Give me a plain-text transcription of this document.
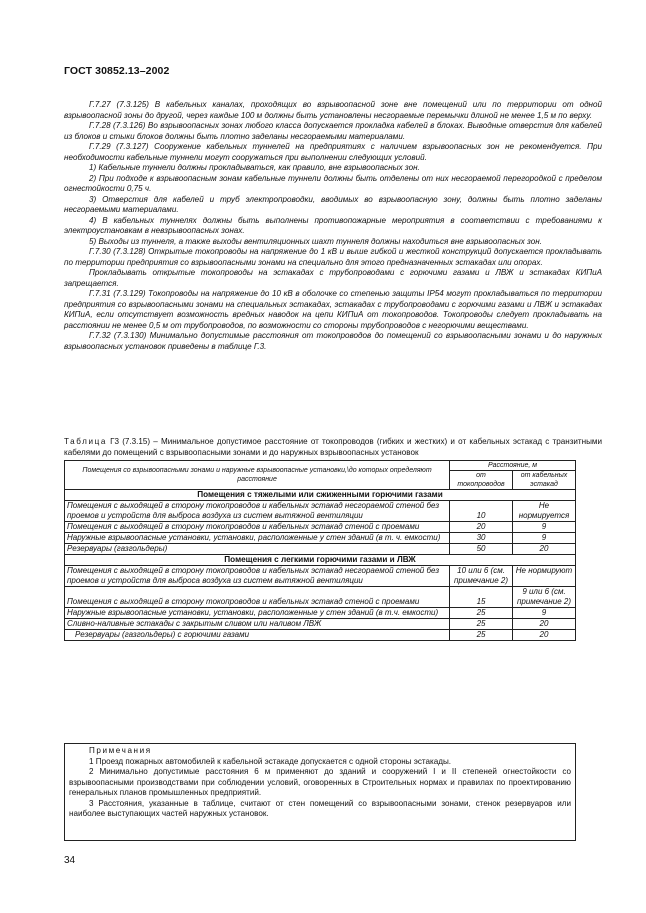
ГОСТ 30852.13–2002

Г.7.27 (7.3.125) В кабельных каналах, проходящих во взрывоопасной зоне вне помещений или по территории от одной взрывоопасной зоны до другой, через каждые 100 м должны быть установлены несгораемые перемычки длиной не менее 1,5 м по верху.

Г.7.28 (7.3.126) Во взрывоопасных зонах любого класса допускается прокладка кабелей в блоках. Выводные отверстия для кабелей из блоков и стыки блоков должны быть плотно заделаны несгораемыми материалами.

Г.7.29 (7.3.127) Сооружение кабельных туннелей на предприятиях с наличием взрывоопасных зон не рекомендуется. При необходимости кабельные туннели могут сооружаться при выполнении следующих условий.

1) Кабельные туннели должны прокладываться, как правило, вне взрывоопасных зон.

2) При подходе к взрывоопасным зонам кабельные туннели должны быть отделены от них несгораемой перегородкой с пределом огнестойкости 0,75 ч.

3) Отверстия для кабелей и труб электропроводки, вводимых во взрывоопасную зону, должны быть плотно заделаны несгораемыми материалами.

4) В кабельных туннелях должны быть выполнены противопожарные мероприятия в соответствии с требованиями к электроустановкам в невзрывоопасных зонах.

5) Выходы из туннеля, а также выходы вентиляционных шахт туннеля должны находиться вне взрывоопасных зон.

Г.7.30 (7.3.128) Открытые токопроводы на напряжение до 1 кВ и выше гибкой и жесткой конструкций допускается прокладывать по территории предприятия со взрывоопасными зонами на специально для этого предназначенных эстакадах или опорах.

Прокладывать открытые токопроводы на эстакадах с трубопроводами с горючими газами и ЛВЖ и эстакадах КИПиА запрещается.

Г.7.31 (7.3.129) Токопроводы на напряжение до 10 кВ в оболочке со степенью защиты IP54 могут прокладываться по территории предприятия со взрывоопасными зонами на специальных эстакадах, эстакадах с трубопроводами с горючими газами и ЛВЖ и эстакадах КИПиА, если отсутствует возможность вредных наводок на цепи КИПиА от токопроводов. Токопроводы следует прокладывать на расстоянии не менее 0,5 м от трубопроводов, по возможности со стороны трубопроводов с негорючими веществами.

Г.7.32 (7.3.130) Минимально допустимые расстояния от токопроводов до помещений со взрывоопасными зонами и до наружных взрывоопасных установок приведены в таблице Г.3.

Таблица Г3 (7.3.15) – Минимальное допустимое расстояние от токопроводов (гибких и жестких) и от кабельных эстакад с транзитными кабелями до помещений с взрывоопасными зонами и до наружных взрывоопасных установок
Помещения со взрывоопасными зонами и наружные взрывоопасные установки,\до которых определяют расстояние	Расстояние, м	
	от токопроводов	от кабельных эстакад
Помещения с тяжелыми или сжиженными горючими газами		
Помещения с выходящей в сторону токопроводов и кабельных эстакад несгораемой стеной без проемов и устройств для выброса воздуха из систем вытяжной вентиляции	10	Не нормируется
Помещения с выходящей в сторону токопроводов и кабельных эстакад стеной с проемами	20	9
Наружные взрывоопасные установки, установки, расположенные у стен зданий (в т. ч. емкости)	30	9
Резервуары (газгольдеры)	50	20
Помещения с легкими горючими газами и ЛВЖ		
Помещения с выходящей в сторону токопроводов и кабельных эстакад несгораемой стеной без проемов и устройств для выброса воздуха из систем вытяжной вентиляции	10 или 6 (см. примечание 2)	Не нормируют
Помещения с выходящей в сторону токопроводов и кабельных эстакад стеной с проемами	15	9 или 6 (см. примечание 2)
Наружные взрывоопасные установки, установки, расположенные у стен зданий (в т.ч. емкости)	25	9
Сливно-наливные эстакады с закрытым сливом или наливом ЛВЖ	25	20
Резервуары (газгольдеры) с горючими газами	25	20

Примечания

1 Проезд пожарных автомобилей к кабельной эстакаде допускается с одной стороны эстакады.

2 Минимально допустимые расстояния 6 м применяют до зданий и сооружений I и II степеней огнестойкости со взрывоопасными производствами при соблюдении условий, оговоренных в Строительных нормах и правилах по проектированию генеральных планов промышленных предприятий.

3 Расстояния, указанные в таблице, считают от стен помещений со взрывоопасными зонами, стенок резервуаров или наиболее выступающих частей наружных установок.

34
